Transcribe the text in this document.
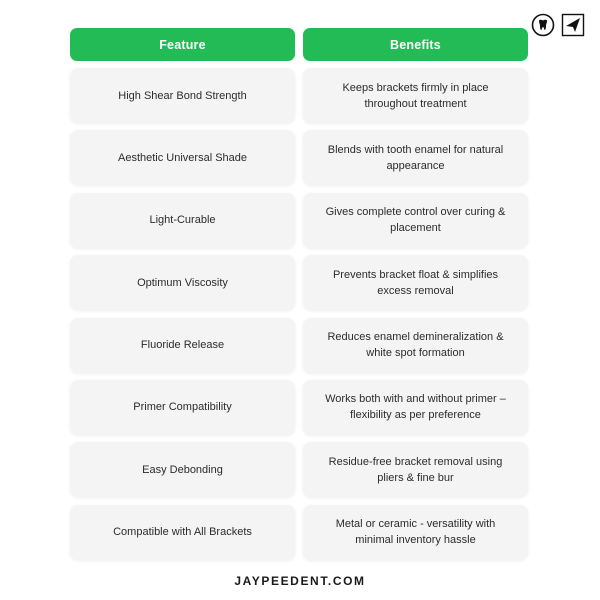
Feature	Benefits
High Shear Bond Strength
Keeps brackets firmly in place throughout treatment
Aesthetic Universal Shade
Blends with tooth enamel for natural appearance
Light-Curable
Gives complete control over curing & placement
Optimum Viscosity
Prevents bracket float & simplifies excess removal
Fluoride Release
Reduces enamel demineralization & white spot formation
Primer Compatibility
Works both with and without primer – flexibility as per preference
Easy Debonding
Residue-free bracket removal using pliers & fine bur
Compatible with All Brackets
Metal or ceramic - versatility with minimal inventory hassle
JAYPEEDENT.COM
